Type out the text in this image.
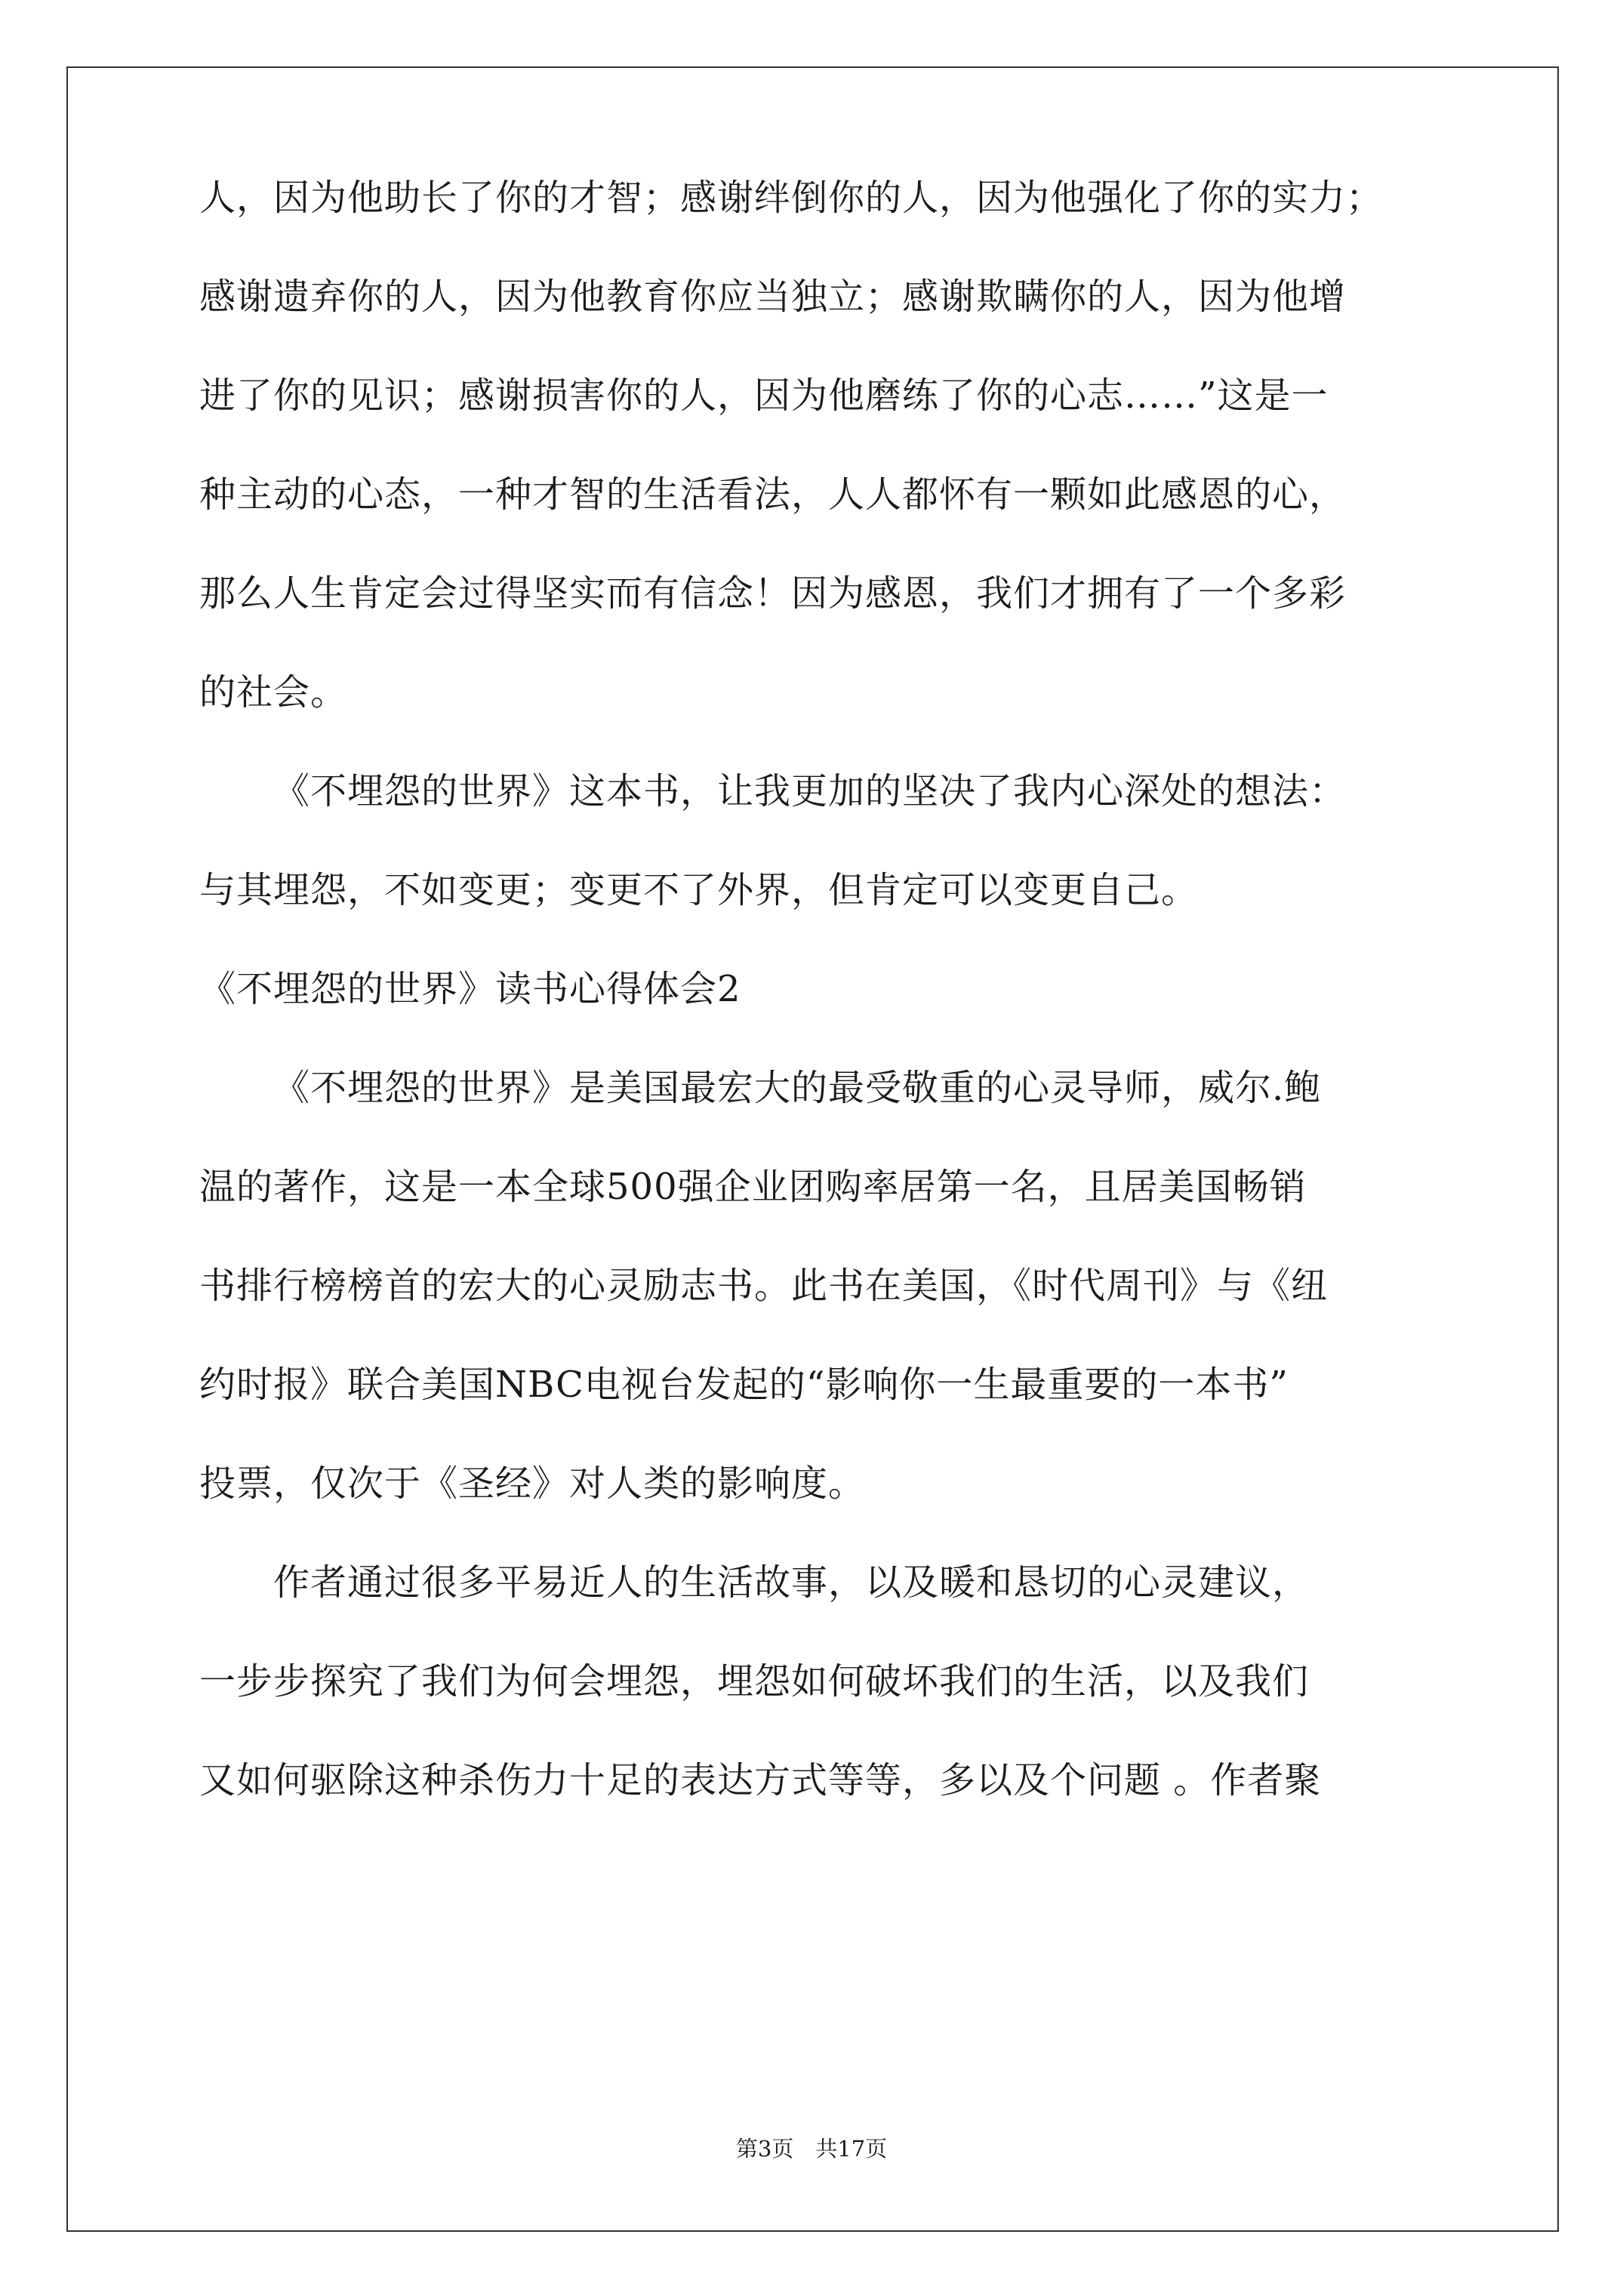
人，因为他助长了你的才智；感谢绊倒你的人，因为他强化了你的实力；
感谢遗弃你的人，因为他教育你应当独立；感谢欺瞒你的人，因为他增
进了你的见识；感谢损害你的人，因为他磨练了你的心志……”这是一
种主动的心态，一种才智的生活看法，人人都怀有一颗如此感恩的心，
那么人生肯定会过得坚实而有信念！因为感恩，我们才拥有了一个多彩
的社会。
《不埋怨的世界》这本书，让我更加的坚决了我内心深处的想法：
与其埋怨，不如变更；变更不了外界，但肯定可以变更自己。
《不埋怨的世界》读书心得体会2
《不埋怨的世界》是美国最宏大的最受敬重的心灵导师，威尔.鲍
温的著作，这是一本全球500强企业团购率居第一名，且居美国畅销
书排行榜榜首的宏大的心灵励志书。此书在美国，《时代周刊》与《纽
约时报》联合美国NBC电视台发起的“影响你一生最重要的一本书”
投票，仅次于《圣经》对人类的影响度。
作者通过很多平易近人的生活故事，以及暖和恳切的心灵建议，
一步步探究了我们为何会埋怨，埋怨如何破坏我们的生活，以及我们
又如何驱除这种杀伤力十足的表达方式等等，多以及个问题 。作者聚
第3页　共17页
